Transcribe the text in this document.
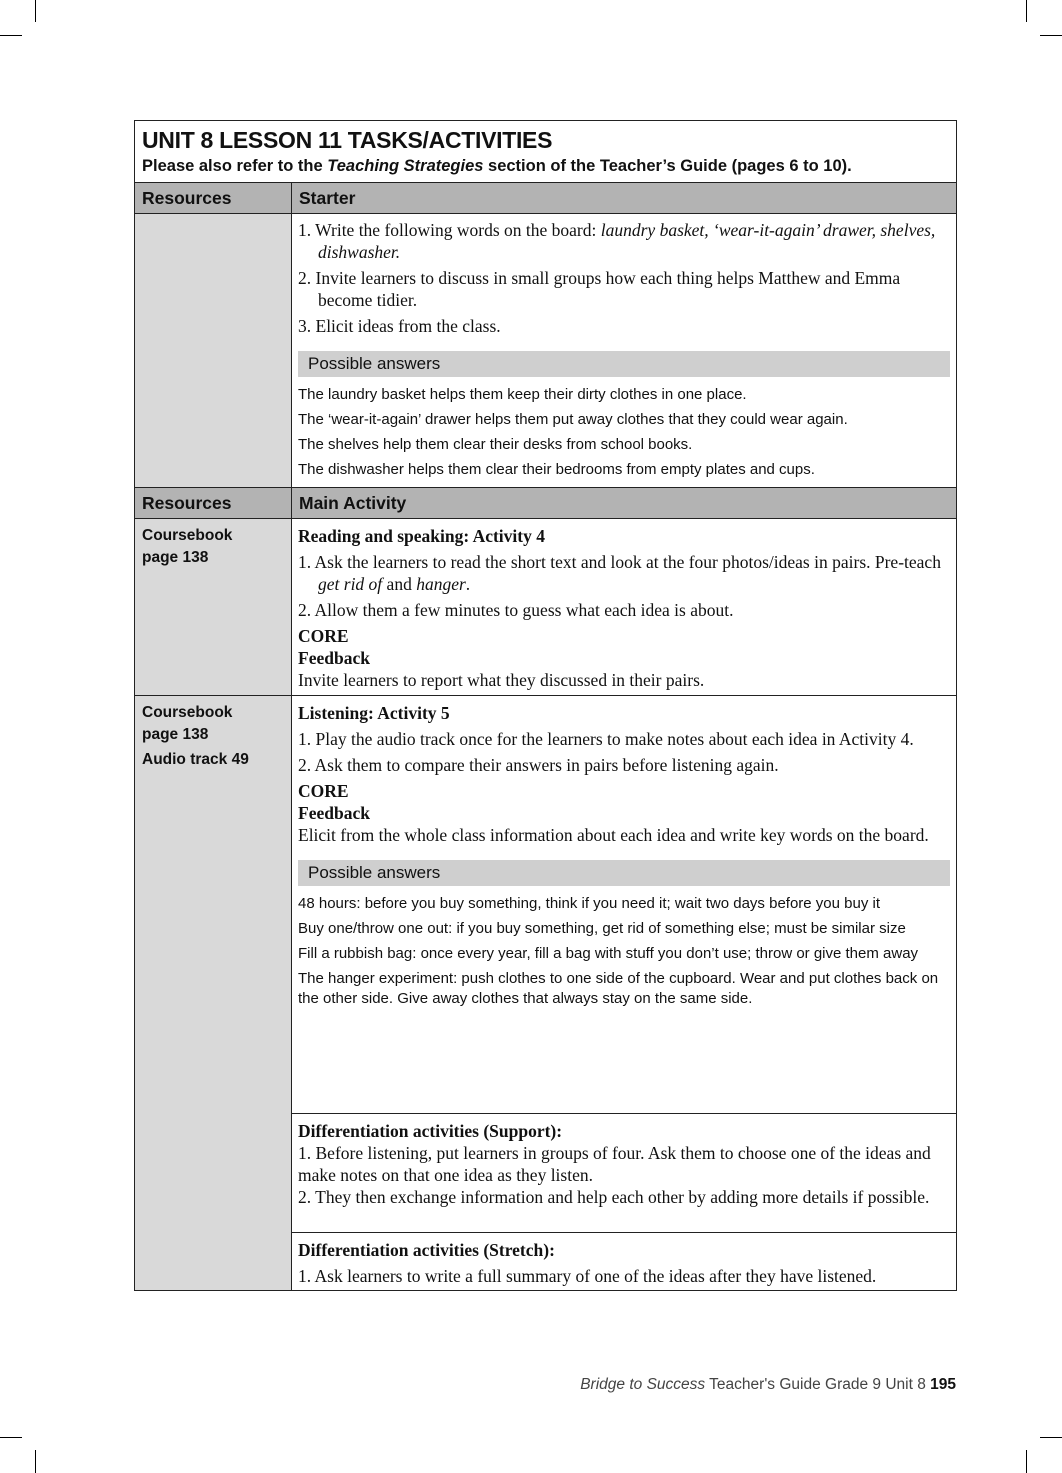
UNIT 8 LESSON 11 TASKS/ACTIVITIES

Please also refer to the Teaching Strategies section of the Teacher’s Guide (pages 6 to 10).

Resources	Starter

1. Write the following words on the board: laundry basket, ‘wear-it-again’ drawer, shelves, dishwasher.

2. Invite learners to discuss in small groups how each thing helps Matthew and Emma become tidier.

3. Elicit ideas from the class.

Possible answers

The laundry basket helps them keep their dirty clothes in one place.

The ‘wear-it-again’ drawer helps them put away clothes that they could wear again.

The shelves help them clear their desks from school books.

The dishwasher helps them clear their bedrooms from empty plates and cups.

Resources	Main Activity
Coursebook
page 138

Reading and speaking: Activity 4

1. Ask the learners to read the short text and look at the four photos/ideas in pairs. Pre-teach get rid of and hanger.

2. Allow them a few minutes to guess what each idea is about.

CORE

Feedback

Invite learners to report what they discussed in their pairs.

Coursebook
page 138
Audio track 49

Listening: Activity 5

1. Play the audio track once for the learners to make notes about each idea in Activity 4.

2. Ask them to compare their answers in pairs before listening again.

CORE

Feedback

Elicit from the whole class information about each idea and write key words on the board.

Possible answers

48 hours: before you buy something, think if you need it; wait two days before you buy it

Buy one/throw one out: if you buy something, get rid of something else; must be similar size

Fill a rubbish bag: once every year, fill a bag with stuff you don’t use; throw or give them away

The hanger experiment: push clothes to one side of the cupboard. Wear and put clothes back on the other side. Give away clothes that always stay on the same side.

Differentiation activities (Support):

1. Before listening, put learners in groups of four. Ask them to choose one of the ideas and make notes on that one idea as they listen.

2. They then exchange information and help each other by adding more details if possible.

Differentiation activities (Stretch):

1. Ask learners to write a full summary of one of the ideas after they have listened.

Bridge to Success Teacher's Guide Grade 9 Unit 8 195
